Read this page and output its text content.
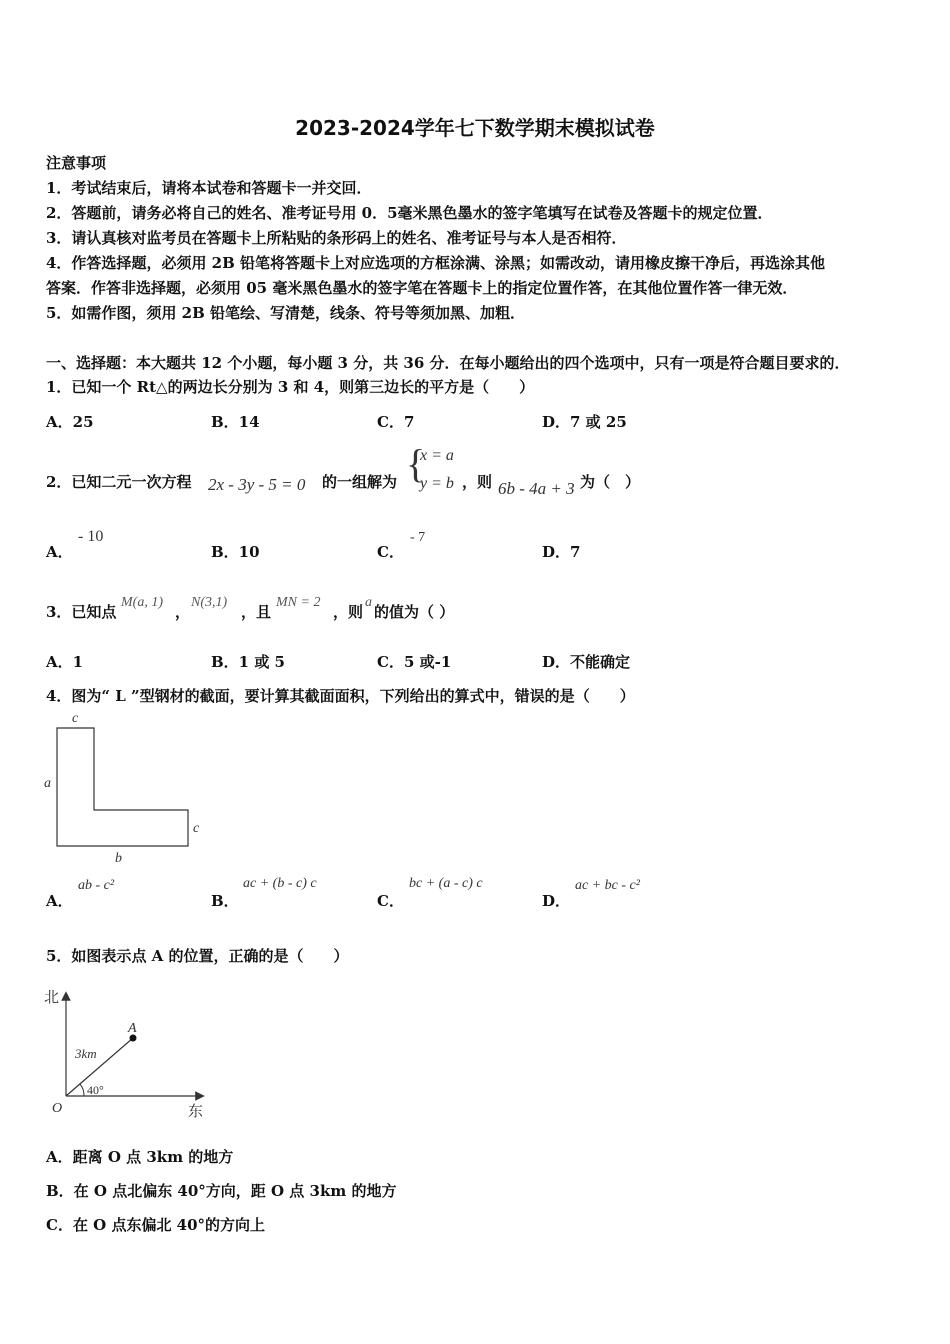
2023-2024学年七下数学期末模拟试卷
注意事项
1．考试结束后，请将本试卷和答题卡一并交回．
2．答题前，请务必将自己的姓名、准考证号用 0．5毫米黑色墨水的签字笔填写在试卷及答题卡的规定位置．
3．请认真核对监考员在答题卡上所粘贴的条形码上的姓名、准考证号与本人是否相符．
4．作答选择题，必须用 2B 铅笔将答题卡上对应选项的方框涂满、涂黑；如需改动，请用橡皮擦干净后，再选涂其他
答案．作答非选择题，必须用 05 毫米黑色墨水的签字笔在答题卡上的指定位置作答，在其他位置作答一律无效．
5．如需作图，须用 2B 铅笔绘、写清楚，线条、符号等须加黑、加粗．
一、选择题：本大题共 12 个小题，每小题 3 分，共 36 分．在每小题给出的四个选项中，只有一项是符合题目要求的．
1．已知一个 Rt△的两边长分别为 3 和 4，则第三边长的平方是（　　）
A．25	B．14	C．7	D．7 或 25
2．已知二元一次方程 2x - 3y - 5 = 0 的一组解为 {
x = a
y = b ，则 6b - 4a + 3 为（　）
A．
- 10
B．10	C．
- 7
D．7
3．已知点
M(a, 1)
，
N(3,1)
，且
MN = 2
，则
a
的值为（ ）
A．1	B．1 或 5	C．5 或-1	D．不能确定
4．图为“ L ”型钢材的截面，要计算其截面面积，下列给出的算式中，错误的是（　　）
c
a
c
b
A．
ab - c²
B．
ac + (b - c) c
C．
bc + (a - c) c
D．
ac + bc - c²
5．如图表示点 A 的位置，正确的是（　　）
北
东
O
A
3km
40°
A．距离 O 点 3km 的地方
B．在 O 点北偏东 40°方向，距 O 点 3km 的地方
C．在 O 点东偏北 40°的方向上
